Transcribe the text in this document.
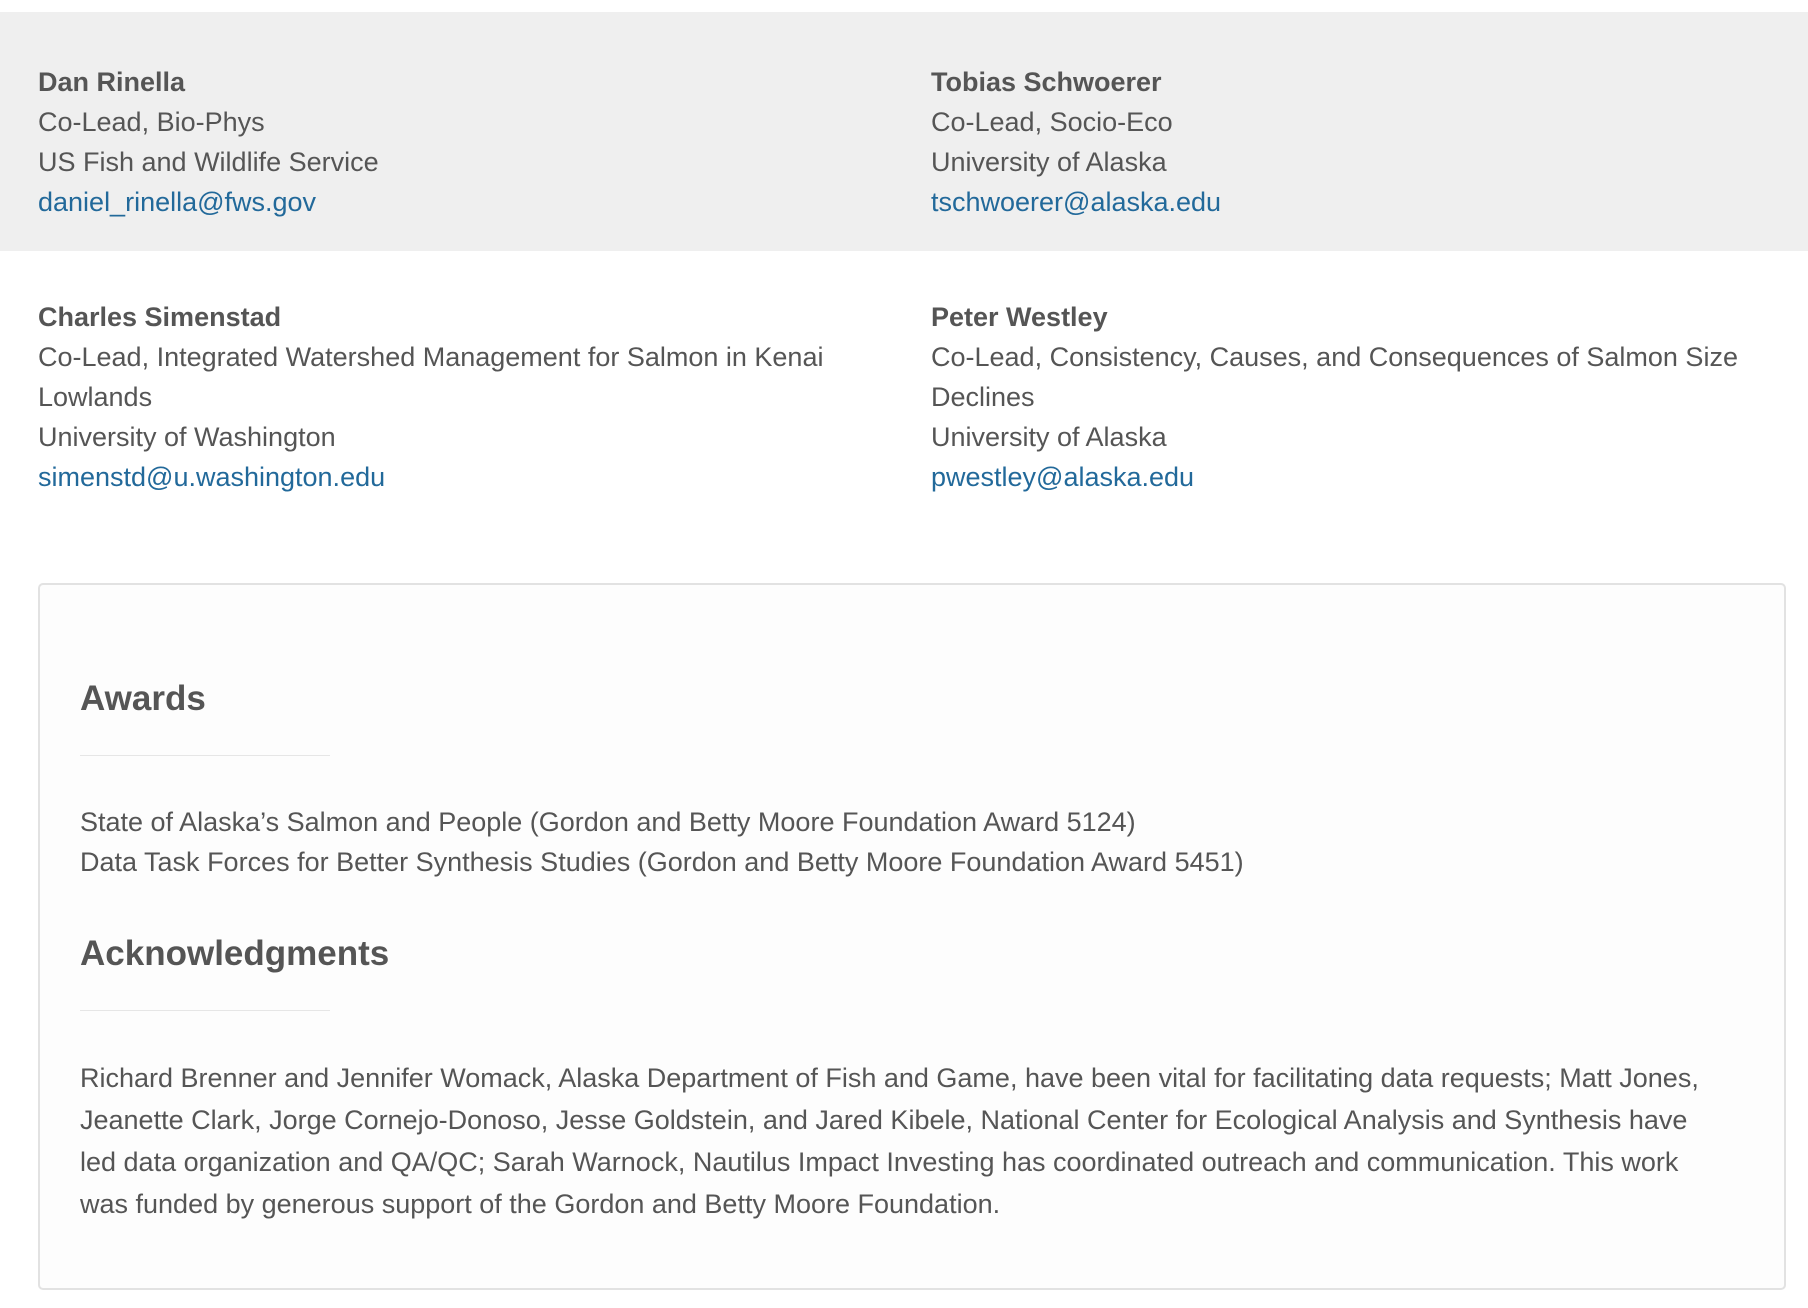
Dan Rinella
Co-Lead, Bio-Phys
US Fish and Wildlife Service
daniel_rinella@fws.gov
Tobias Schwoerer
Co-Lead, Socio-Eco
University of Alaska
tschwoerer@alaska.edu
Charles Simenstad
Co-Lead, Integrated Watershed Management for Salmon in Kenai Lowlands
University of Washington
simenstd@u.washington.edu
Peter Westley
Co-Lead, Consistency, Causes, and Consequences of Salmon Size Declines
University of Alaska
pwestley@alaska.edu
Awards
State of Alaska’s Salmon and People (Gordon and Betty Moore Foundation Award 5124)
Data Task Forces for Better Synthesis Studies (Gordon and Betty Moore Foundation Award 5451)
Acknowledgments

Richard Brenner and Jennifer Womack, Alaska Department of Fish and Game, have been vital for facilitating data requests; Matt Jones, Jeanette Clark, Jorge Cornejo-Donoso, Jesse Goldstein, and Jared Kibele, National Center for Ecological Analysis and Synthesis have led data organization and QA/QC; Sarah Warnock, Nautilus Impact Investing has coordinated outreach and communication. This work was funded by generous support of the Gordon and Betty Moore Foundation.
